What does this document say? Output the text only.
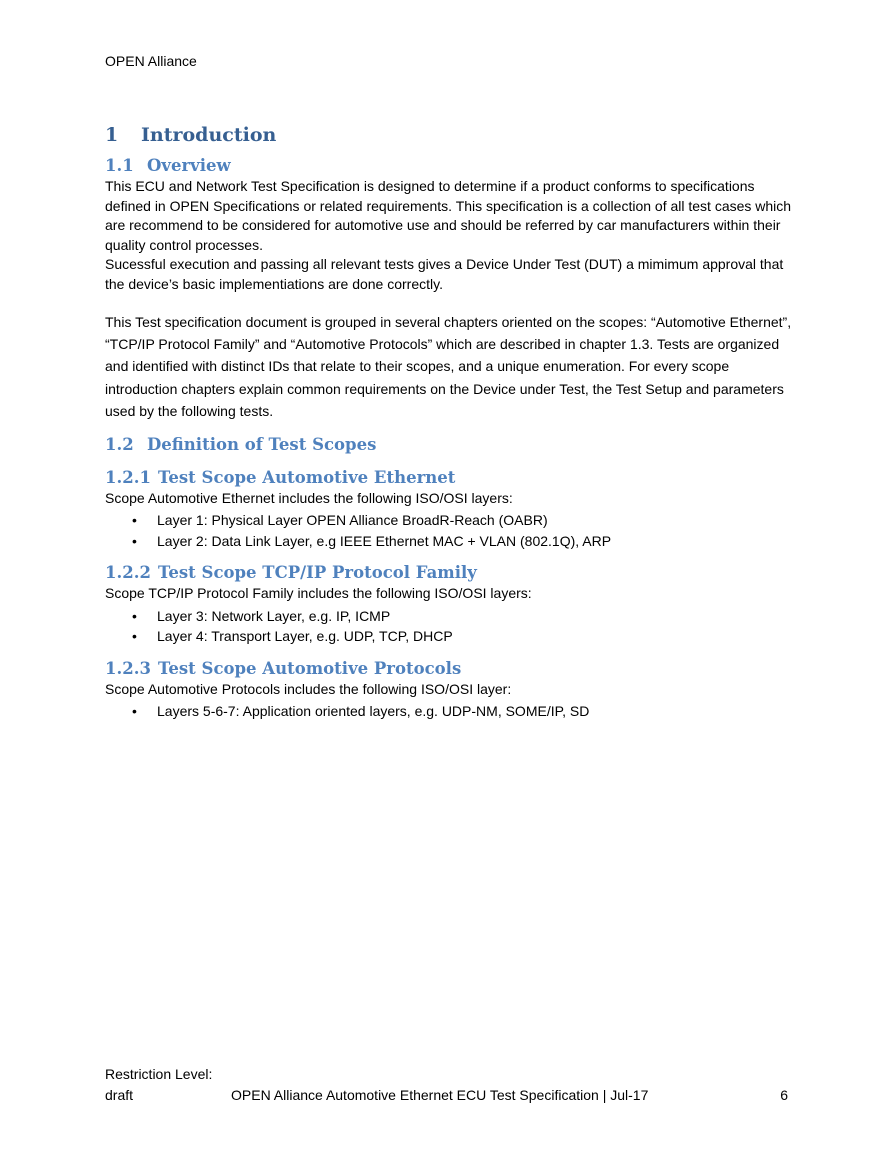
OPEN Alliance
1	Introduction
1.1 Overview

This ECU and Network Test Specification is designed to determine if a product conforms to specifications defined in OPEN Specifications or related requirements. This specification is a collection of all test cases which are recommend to be considered for automotive use and should be referred by car manufacturers within their quality control processes.

Sucessful execution and passing all relevant tests gives a Device Under Test (DUT) a mimimum approval that the device’s basic implementiations are done correctly.

This Test specification document is grouped in several chapters oriented on the scopes: “Automotive Ethernet”, “TCP/IP Protocol Family” and “Automotive Protocols” which are described in chapter 1.3. Tests are organized and identified with distinct IDs that relate to their scopes, and a unique enumeration. For every scope introduction chapters explain common requirements on the Device under Test, the Test Setup and parameters used by the following tests.

1.2 Definition of Test Scopes
1.2.1 Test Scope Automotive Ethernet

Scope Automotive Ethernet includes the following ISO/OSI layers:

• Layer 1: Physical Layer OPEN Alliance BroadR-Reach (OABR)
• Layer 2: Data Link Layer, e.g IEEE Ethernet MAC + VLAN (802.1Q), ARP
1.2.2 Test Scope TCP/IP Protocol Family

Scope TCP/IP Protocol Family includes the following ISO/OSI layers:

• Layer 3: Network Layer, e.g. IP, ICMP
• Layer 4: Transport Layer, e.g. UDP, TCP, DHCP
1.2.3 Test Scope Automotive Protocols

Scope Automotive Protocols includes the following ISO/OSI layer:

• Layers 5-6-7: Application oriented layers, e.g. UDP-NM, SOME/IP, SD
Restriction Level:
draft	OPEN Alliance Automotive Ethernet ECU Test Specification | Jul-17	6
